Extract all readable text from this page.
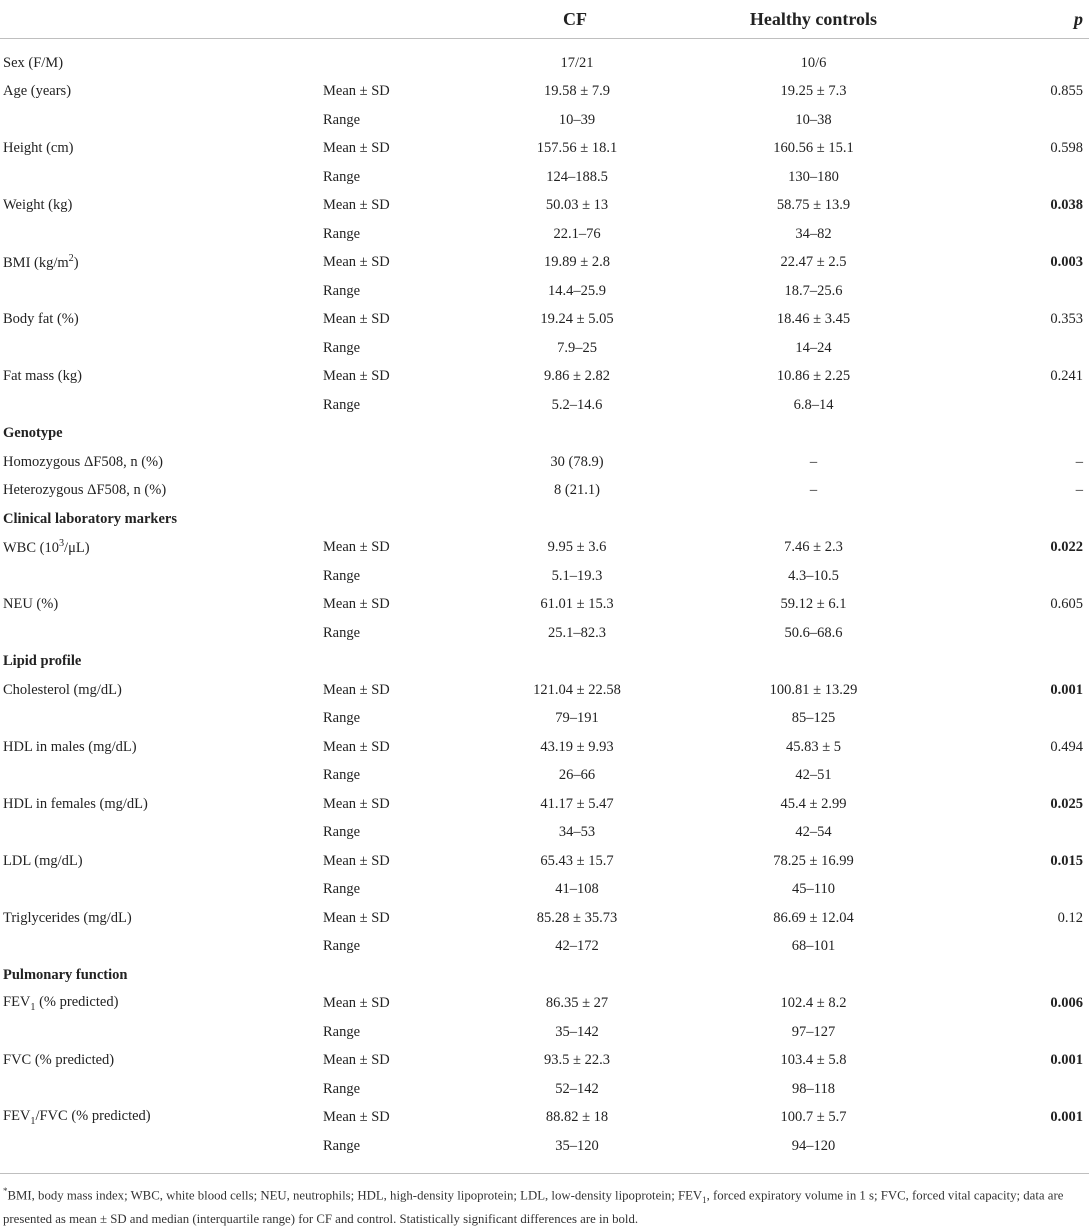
		CF	Healthy controls	p
Sex (F/M)		17/21	10/6	
Age (years)	Mean ± SD	19.58 ± 7.9	19.25 ± 7.3	0.855
	Range	10–39	10–38	
Height (cm)	Mean ± SD	157.56 ± 18.1	160.56 ± 15.1	0.598
	Range	124–188.5	130–180	
Weight (kg)	Mean ± SD	50.03 ± 13	58.75 ± 13.9	0.038
	Range	22.1–76	34–82	
BMI $(kg/m^2)$	Mean ± SD	19.89 ± 2.8	22.47 ± 2.5	0.003
	Range	14.4–25.9	18.7–25.6	
Body fat (%)	Mean ± SD	19.24 ± 5.05	18.46 ± 3.45	0.353
	Range	7.9–25	14–24	
Fat mass (kg)	Mean ± SD	9.86 ± 2.82	10.86 ± 2.25	0.241
	Range	5.2–14.6	6.8–14	
Genotype				
Homozygous ΔF508, n (%)		30 (78.9)	–	–
Heterozygous ΔF508, n (%)		8 (21.1)	–	–
Clinical laboratory markers				
WBC $(10^3/\mu L)$	Mean ± SD	9.95 ± 3.6	7.46 ± 2.3	0.022
	Range	5.1–19.3	4.3–10.5	
NEU (%)	Mean ± SD	61.01 ± 15.3	59.12 ± 6.1	0.605
	Range	25.1–82.3	50.6–68.6	
Lipid profile				
Cholesterol (mg/dL)	Mean ± SD	121.04 ± 22.58	100.81 ± 13.29	0.001
	Range	79–191	85–125	
HDL in males (mg/dL)	Mean ± SD	43.19 ± 9.93	45.83 ± 5	0.494
	Range	26–66	42–51	
HDL in females (mg/dL)	Mean ± SD	41.17 ± 5.47	45.4 ± 2.99	0.025
	Range	34–53	42–54	
LDL (mg/dL)	Mean ± SD	65.43 ± 15.7	78.25 ± 16.99	0.015
	Range	41–108	45–110	
Triglycerides (mg/dL)	Mean ± SD	85.28 ± 35.73	86.69 ± 12.04	0.12
	Range	42–172	68–101	
Pulmonary function				
$FEV_1$ (% predicted)	Mean ± SD	86.35 ± 27	102.4 ± 8.2	0.006
	Range	35–142	97–127	
FVC (% predicted)	Mean ± SD	93.5 ± 22.3	103.4 ± 5.8	0.001
	Range	52–142	98–118	
$FEV_1$/FVC (% predicted)	Mean ± SD	88.82 ± 18	100.7 ± 5.7	0.001
	Range	35–120	94–120	
*BMI, body mass index; WBC, white blood cells; NEU, neutrophils; HDL, high-density lipoprotein; LDL, low-density lipoprotein; $FEV_1$, forced expiratory volume in 1 s; FVC, forced vital capacity; data are presented as mean ± SD and median (interquartile range) for CF and control. Statistically significant differences are in bold.
